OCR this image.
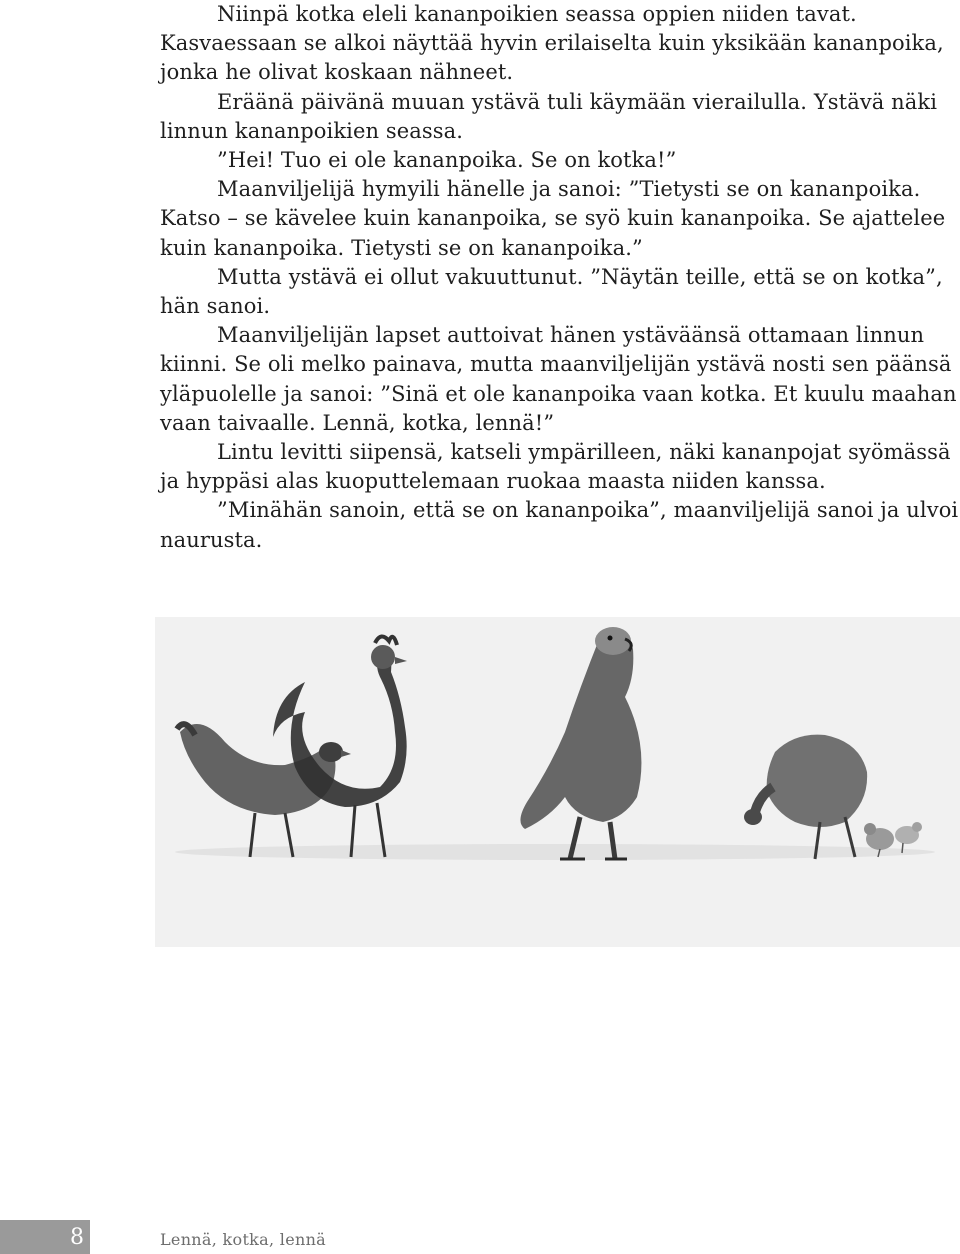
Niinpä kotka eleli kananpoikien seassa oppien niiden tavat. Kasvaessaan se alkoi näyttää hyvin erilaiselta kuin yksikään kananpoika, jonka he olivat koskaan nähneet.

Eräänä päivänä muuan ystävä tuli käymään vierailulla. Ystävä näki linnun kananpoikien seassa.

”Hei! Tuo ei ole kananpoika. Se on kotka!”

Maanviljelijä hymyili hänelle ja sanoi: ”Tietysti se on kananpoika. Katso – se kävelee kuin kananpoika, se syö kuin kananpoika. Se ajattelee kuin kananpoika. Tietysti se on kananpoika.”

Mutta ystävä ei ollut vakuuttunut. ”Näytän teille, että se on kotka”, hän sanoi.

Maanviljelijän lapset auttoivat hänen ystäväänsä ottamaan linnun kiinni. Se oli melko painava, mutta maanviljelijän ystävä nosti sen päänsä yläpuolelle ja sanoi: ”Sinä et ole kananpoika vaan kotka. Et kuulu maahan vaan taivaalle. Lennä, kotka, lennä!”

Lintu levitti siipensä, katseli ympärilleen, näki kananpojat syömässä ja hyppäsi alas kuoputtelemaan ruokaa maasta niiden kanssa.

”Minähän sanoin, että se on kananpoika”, maanviljelijä sanoi ja ulvoi naurusta.

8	Lennä, kotka, lennä
